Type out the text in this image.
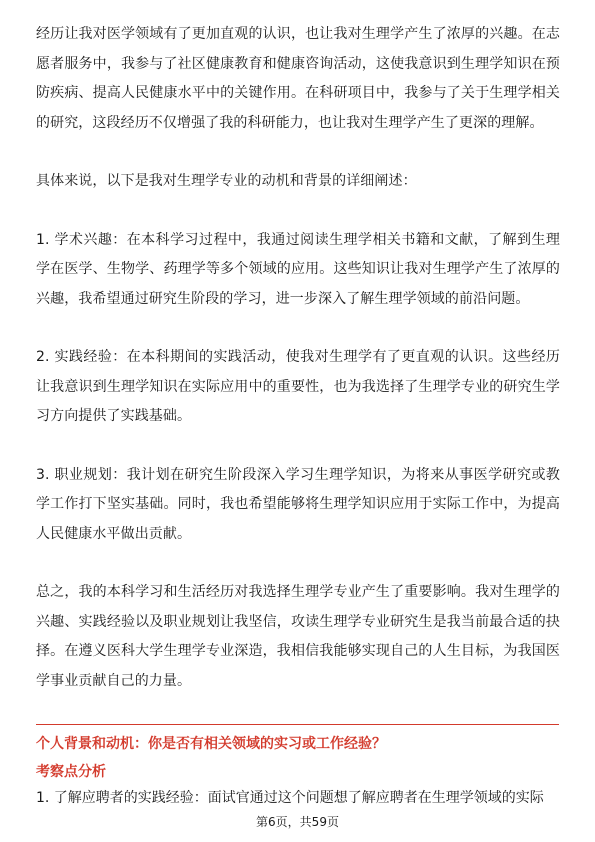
经历让我对医学领域有了更加直观的认识，也让我对生理学产生了浓厚的兴趣。在志愿者服务中，我参与了社区健康教育和健康咨询活动，这使我意识到生理学知识在预防疾病、提高人民健康水平中的关键作用。在科研项目中，我参与了关于生理学相关的研究，这段经历不仅增强了我的科研能力，也让我对生理学产生了更深的理解。

具体来说，以下是我对生理学专业的动机和背景的详细阐述：

1. 学术兴趣：在本科学习过程中，我通过阅读生理学相关书籍和文献，了解到生理学在医学、生物学、药理学等多个领域的应用。这些知识让我对生理学产生了浓厚的兴趣，我希望通过研究生阶段的学习，进一步深入了解生理学领域的前沿问题。

2. 实践经验：在本科期间的实践活动，使我对生理学有了更直观的认识。这些经历让我意识到生理学知识在实际应用中的重要性，也为我选择了生理学专业的研究生学习方向提供了实践基础。

3. 职业规划：我计划在研究生阶段深入学习生理学知识，为将来从事医学研究或教学工作打下坚实基础。同时，我也希望能够将生理学知识应用于实际工作中，为提高人民健康水平做出贡献。

总之，我的本科学习和生活经历对我选择生理学专业产生了重要影响。我对生理学的兴趣、实践经验以及职业规划让我坚信，攻读生理学专业研究生是我当前最合适的抉择。在遵义医科大学生理学专业深造，我相信我能够实现自己的人生目标，为我国医学事业贡献自己的力量。

个人背景和动机：你是否有相关领域的实习或工作经验？

考察点分析

1. 了解应聘者的实践经验：面试官通过这个问题想了解应聘者在生理学领域的实际

第6页，共59页
